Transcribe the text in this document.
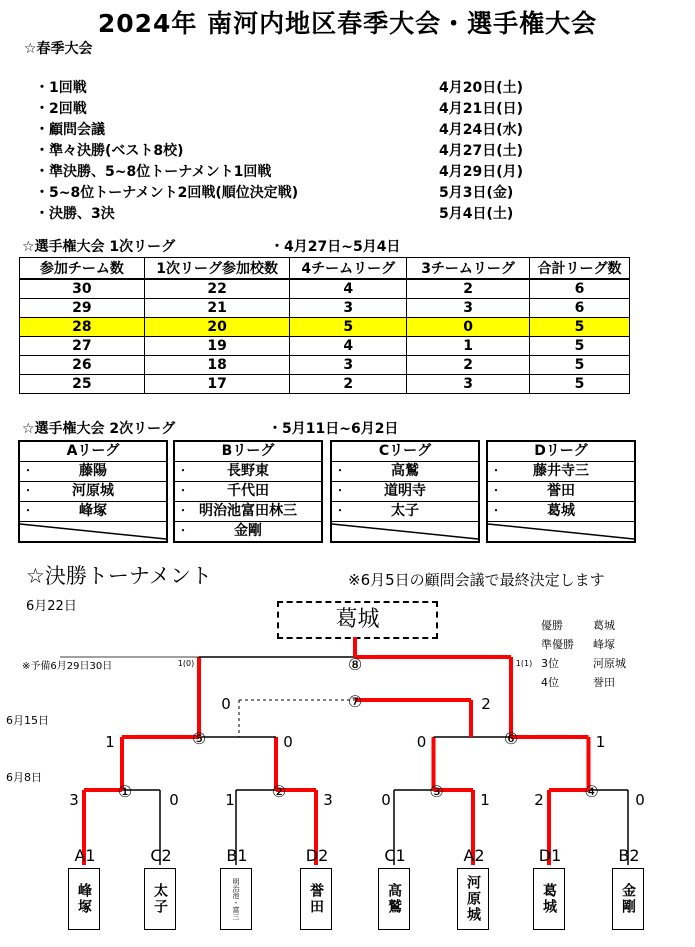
2024年 南河内地区春季大会・選手権大会
☆春季大会
・1回戦	4月20日(土)
・2回戦	4月21日(日)
・顧問会議	4月24日(水)
・準々決勝(ベスト8校)	4月27日(土)
・準決勝、5~8位トーナメント1回戦	4月29日(月)
・5~8位トーナメント2回戦(順位決定戦)	5月3日(金)
・決勝、3決	5月4日(土)
☆選手権大会 1次リーグ	・4月27日~5月4日
参加チーム数	1次リーグ参加校数	4チームリーグ	3チームリーグ	合計リーグ数
30	22	4	2	6
29	21	3	3	6
28	20	5	0	5
27	19	4	1	5
26	18	3	2	5
25	17	2	3	5
☆選手権大会 2次リーグ	・5月11日~6月2日
Aリーグ
・	藤陽
・	河原城
・	峰塚
Bリーグ
・	長野東
・	千代田
・ 明治池富田林三
・	金剛
Cリーグ
・	高鷲
・	道明寺
・	太子
Dリーグ
・ 藤井寺三
・	誉田
・	葛城
☆決勝トーナメント	※6月5日の顧問会議で最終決定します
6月22日
6月15日
6月8日
※予備6月29日30日
葛城	優勝	葛城
準優勝 峰塚
3位	河原城
4位	誉田
①	②	③	④
⑤	⑥
⑦
⑧
3	0	1	3	0	1	2	0
1	0	0	1
0	2
1(0)	1(1)
A1
峰塚
C2
太子
B1
明治池・富三
D2
誉田
C1
高鷲
A2
河原城
D1
葛城
B2
金剛
